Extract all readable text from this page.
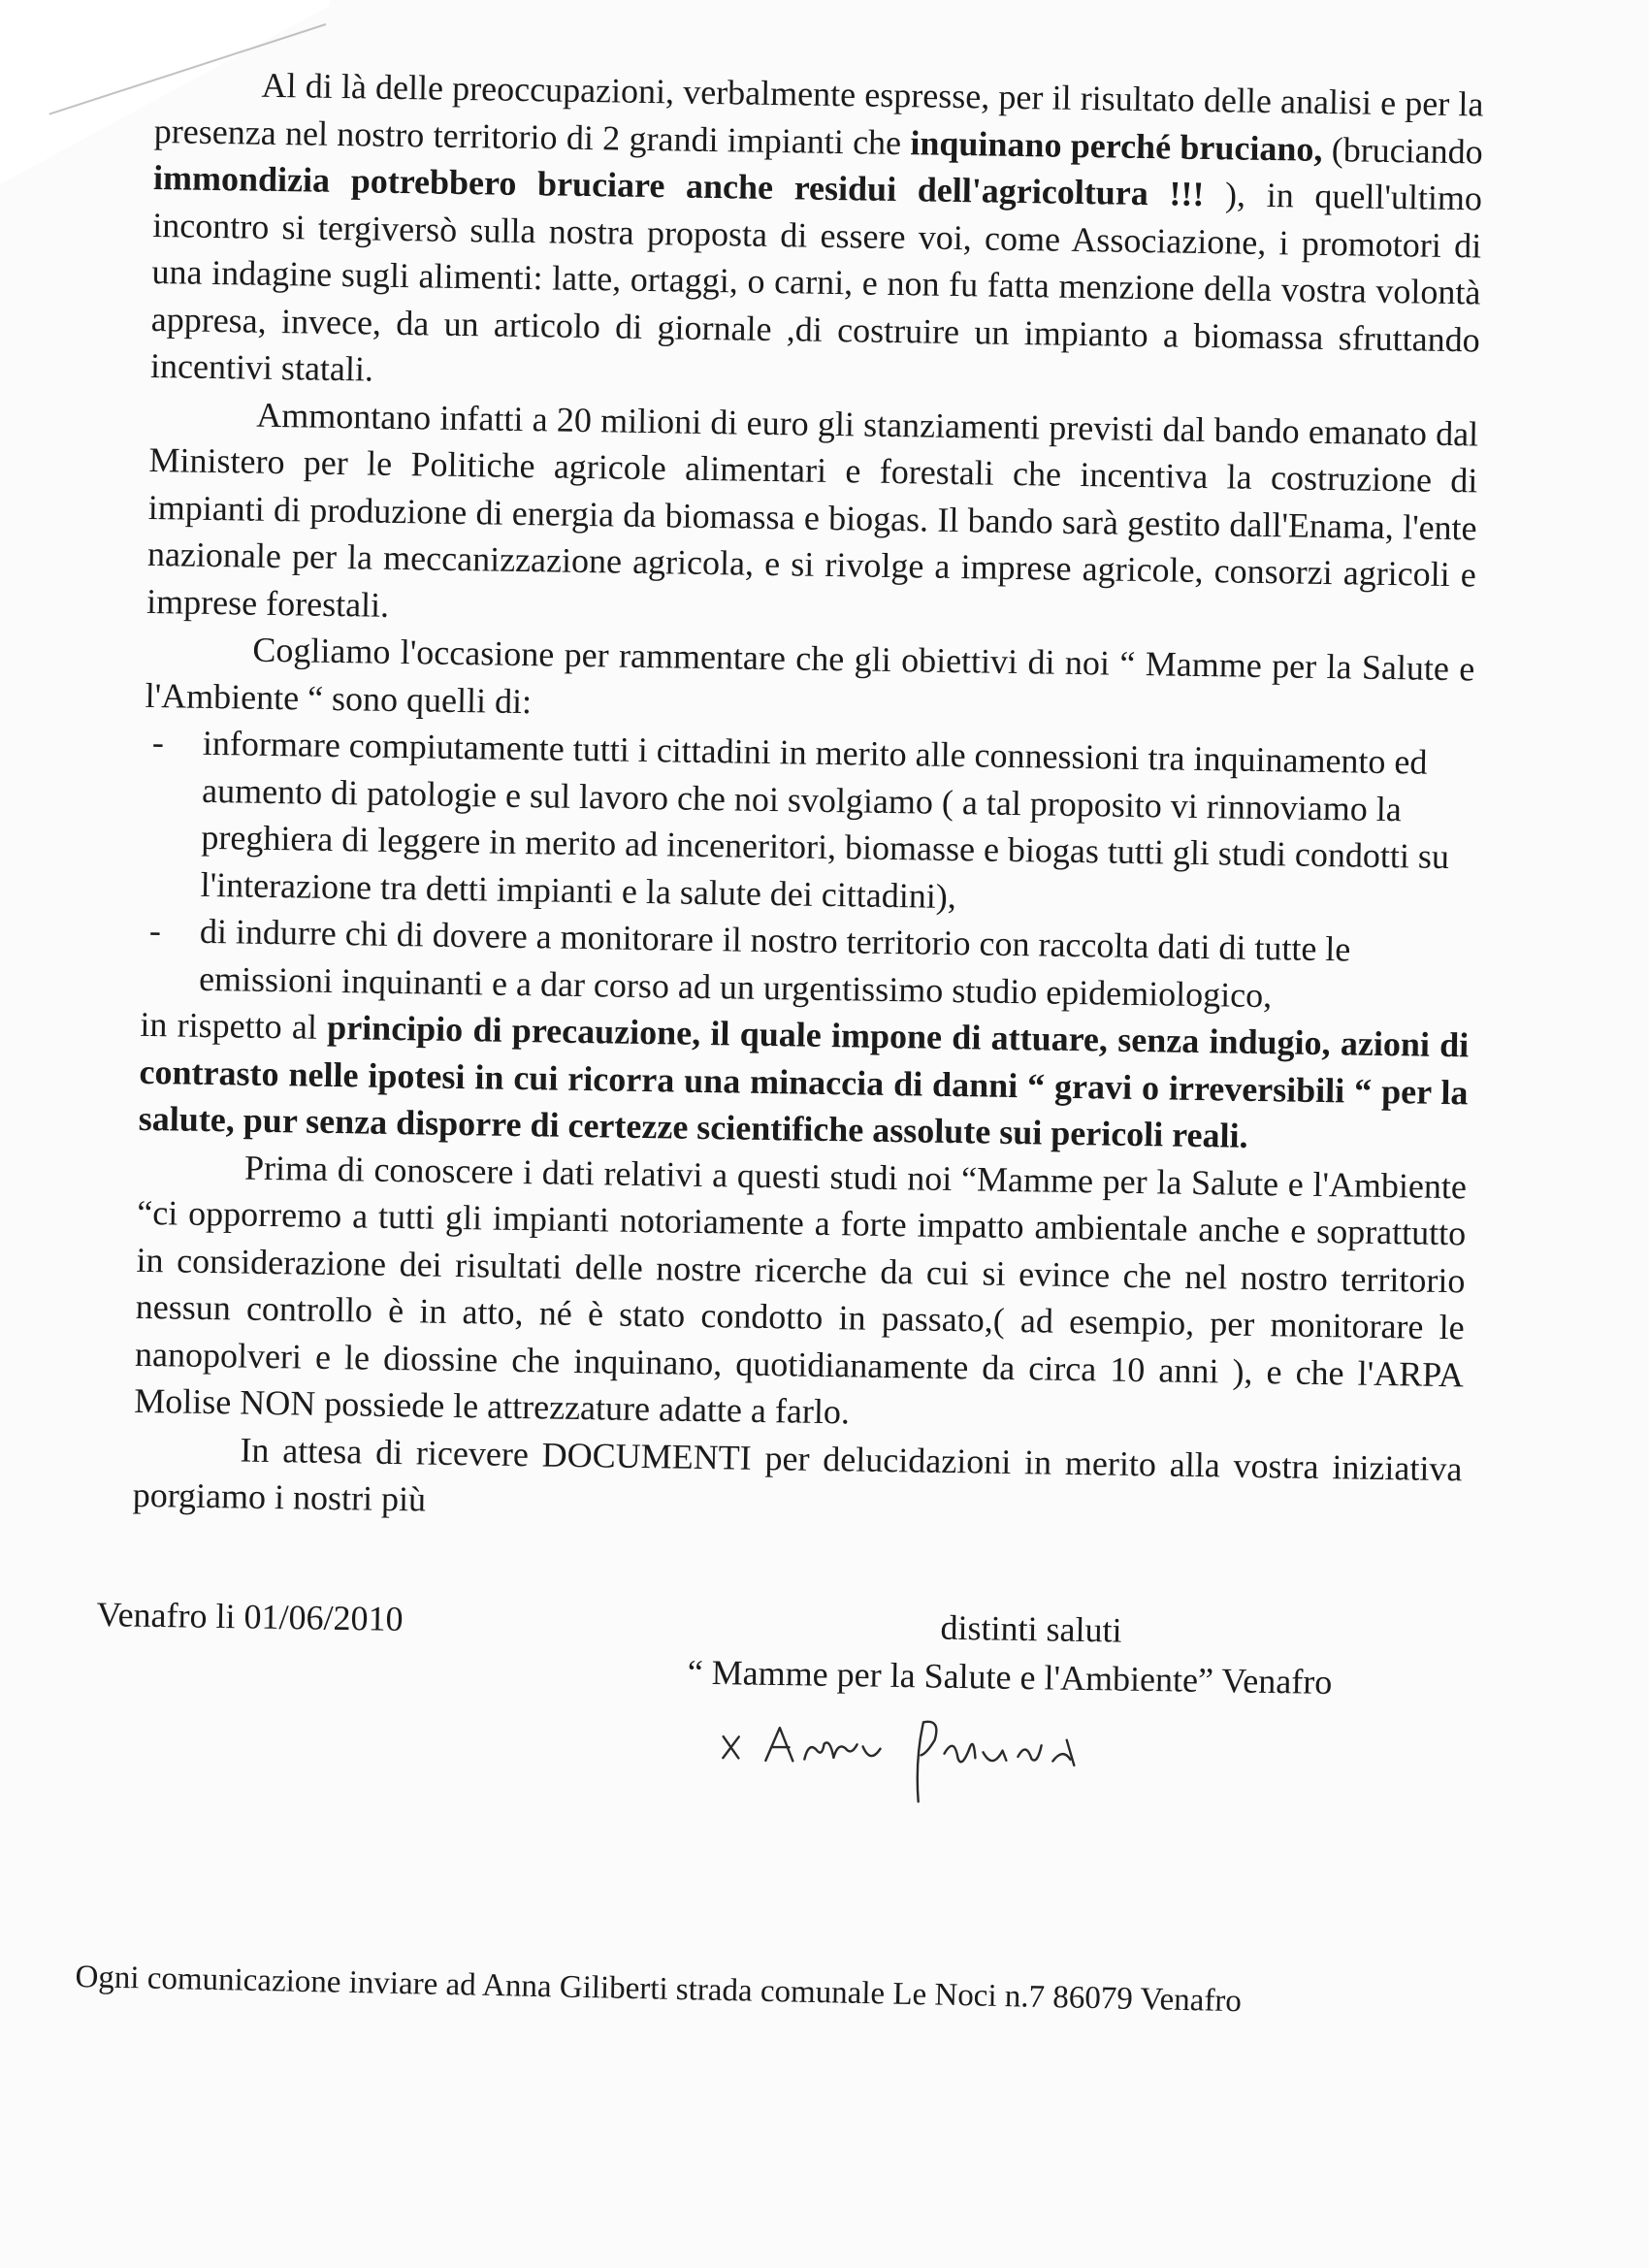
Al di là delle preoccupazioni, verbalmente espresse, per il risultato delle analisi e per la presenza nel nostro territorio di 2 grandi impianti che inquinano perché bruciano, (bruciando immondizia potrebbero bruciare anche residui dell'agricoltura !!! ), in quell'ultimo incontro si tergiversò sulla nostra proposta di essere voi, come Associazione, i promotori di una indagine sugli alimenti: latte, ortaggi, o carni, e non fu fatta menzione della vostra volontà appresa, invece, da un articolo di giornale ,di costruire un impianto a biomassa sfruttando incentivi statali.

Ammontano infatti a 20 milioni di euro gli stanziamenti previsti dal bando emanato dal Ministero per le Politiche agricole alimentari e forestali che incentiva la costruzione di impianti di produzione di energia da biomassa e biogas. Il bando sarà gestito dall'Enama, l'ente nazionale per la meccanizzazione agricola, e si rivolge a imprese agricole, consorzi agricoli e imprese forestali.

Cogliamo l'occasione per rammentare che gli obiettivi di noi “ Mamme per la Salute e l'Ambiente “ sono quelli di:

- informare compiutamente tutti i cittadini in merito alle connessioni tra inquinamento ed aumento di patologie e sul lavoro che noi svolgiamo ( a tal proposito vi rinnoviamo la preghiera di leggere in merito ad inceneritori, biomasse e biogas tutti gli studi condotti su l'interazione tra detti impianti e la salute dei cittadini),
- di indurre chi di dovere a monitorare il nostro territorio con raccolta dati di tutte le emissioni inquinanti e a dar corso ad un urgentissimo studio epidemiologico,

in rispetto al principio di precauzione, il quale impone di attuare, senza indugio, azioni di contrasto nelle ipotesi in cui ricorra una minaccia di danni “ gravi o irreversibili “ per la salute, pur senza disporre di certezze scientifiche assolute sui pericoli reali.

Prima di conoscere i dati relativi a questi studi noi “Mamme per la Salute e l'Ambiente “ci opporremo a tutti gli impianti notoriamente a forte impatto ambientale anche e soprattutto in considerazione dei risultati delle nostre ricerche da cui si evince che nel nostro territorio nessun controllo è in atto, né è stato condotto in passato,( ad esempio, per monitorare le nanopolveri e le diossine che inquinano, quotidianamente da circa 10 anni ), e che l'ARPA Molise NON possiede le attrezzature adatte a farlo.

In attesa di ricevere DOCUMENTI per delucidazioni in merito alla vostra iniziativa porgiamo i nostri più

Venafro li 01/06/2010	distinti saluti
“ Mamme per la Salute e l'Ambiente” Venafro
Ogni comunicazione inviare ad Anna Giliberti strada comunale Le Noci n.7 86079 Venafro
